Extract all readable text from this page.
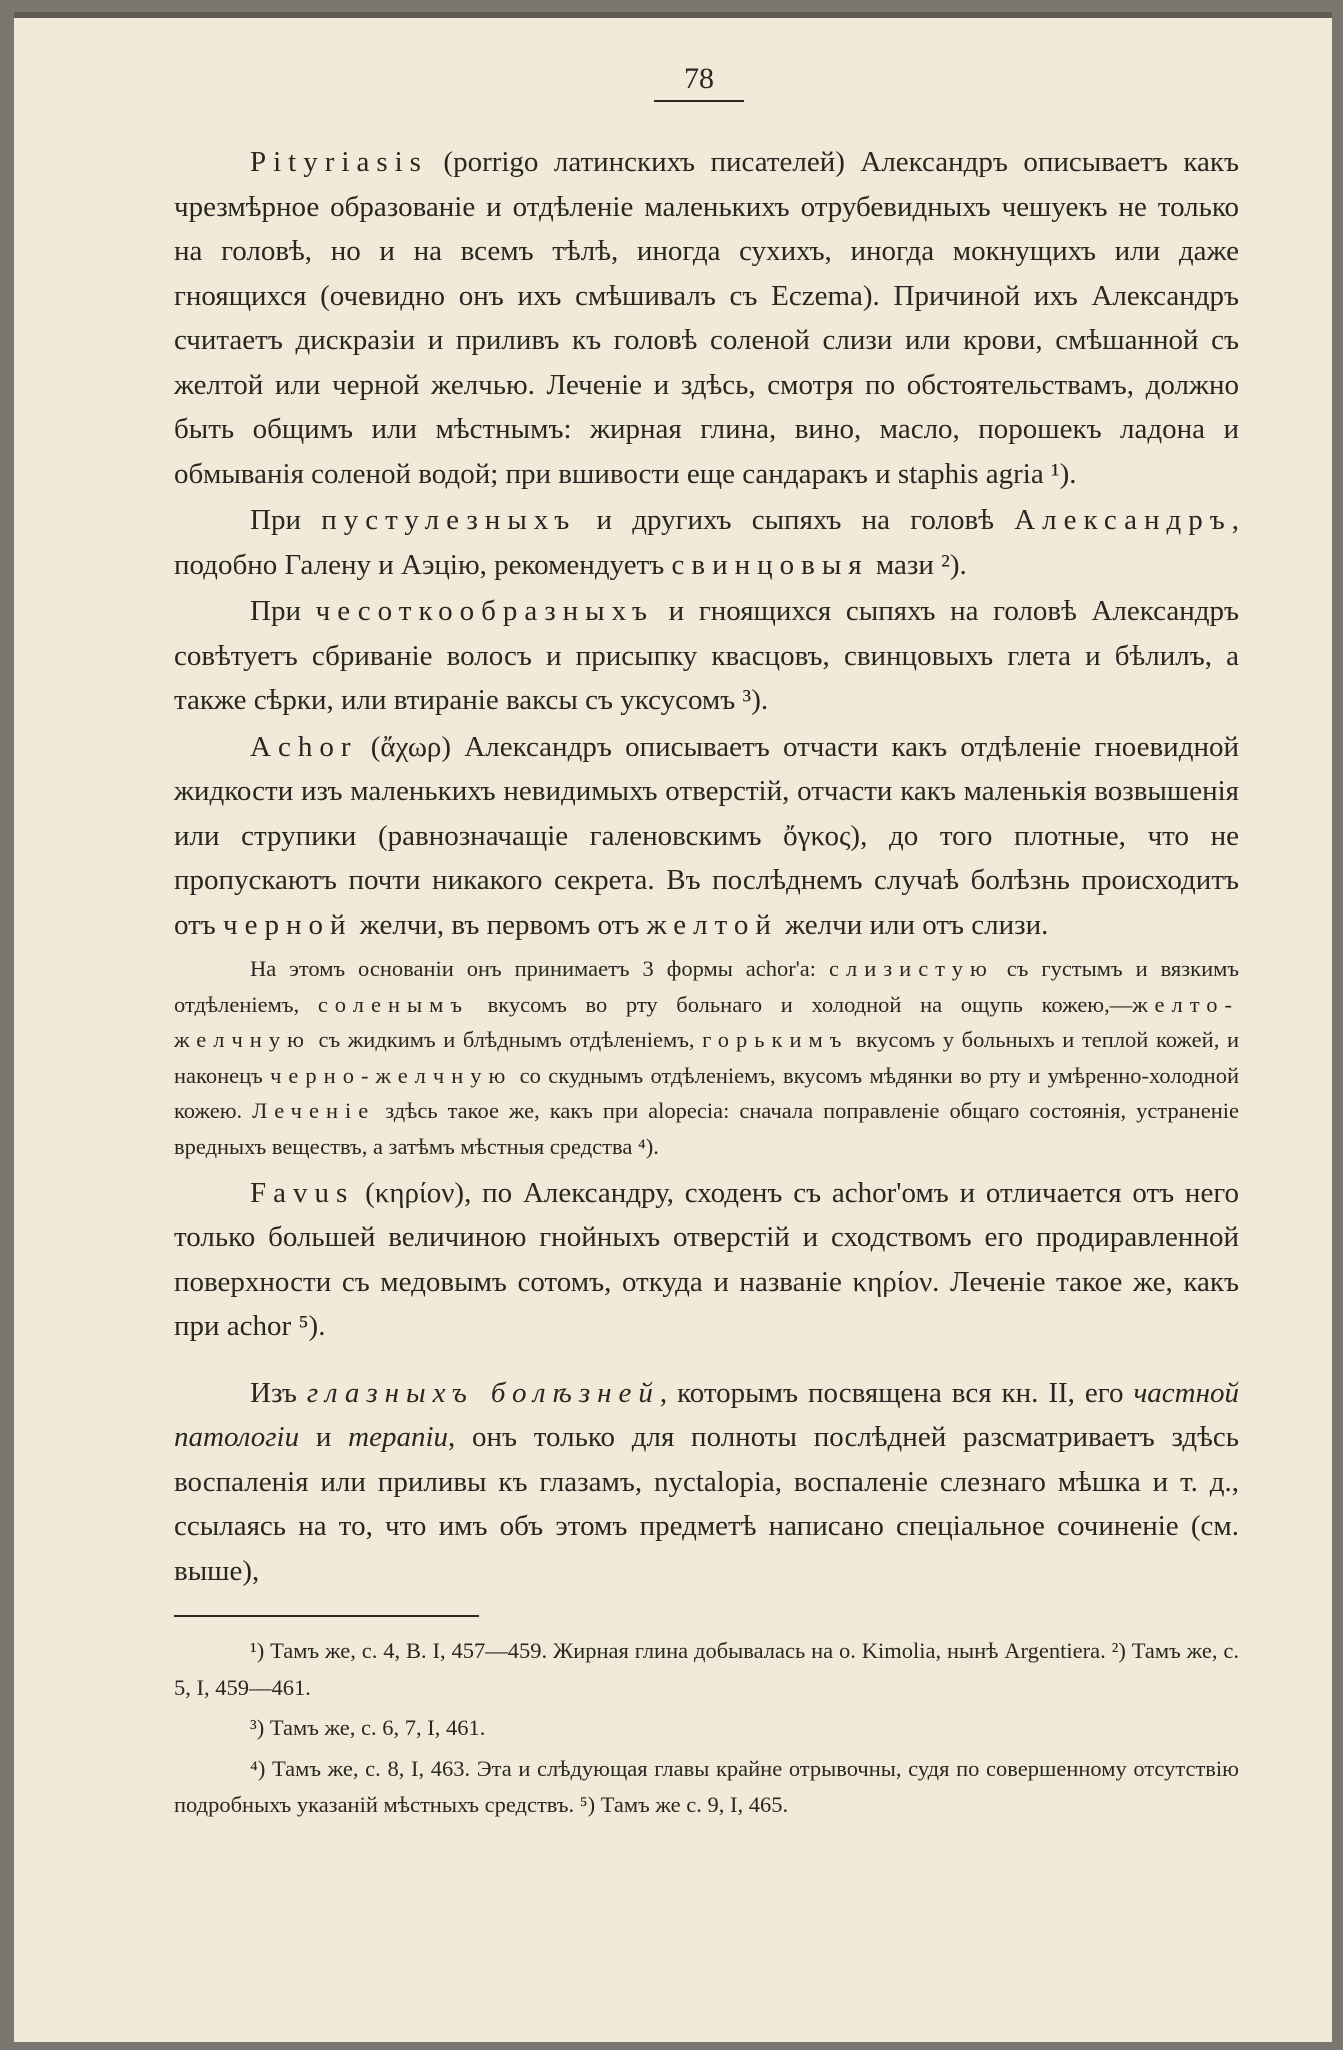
78

Pityriasis (porrigo латинскихъ писателей) Александръ описываетъ какъ чрезмѣрное образованіе и отдѣленіе маленькихъ отрубевидныхъ чешуекъ не только на головѣ, но и на всемъ тѣлѣ, иногда сухихъ, иногда мокнущихъ или даже гноящихся (очевидно онъ ихъ смѣшивалъ съ Eczema). Причиной ихъ Александръ считаетъ дискразіи и приливъ къ головѣ соленой слизи или крови, смѣшанной съ желтой или черной желчью. Леченіе и здѣсь, смотря по обстоятельствамъ, должно быть общимъ или мѣстнымъ: жирная глина, вино, масло, порошекъ ладона и обмыванія соленой водой; при вшивости еще сандаракъ и staphis agria ¹).

При пустулезныхъ и другихъ сыпяхъ на головѣ Александръ, подобно Галену и Аэцію, рекомендуетъ свинцовыя мази ²).

При чесоткообразныхъ и гноящихся сыпяхъ на головѣ Александръ совѣтуетъ сбриваніе волосъ и присыпку квасцовъ, свинцовыхъ глета и бѣлилъ, а также сѣрки, или втираніе ваксы съ уксусомъ ³).

Achor (ἄχωρ) Александръ описываетъ отчасти какъ отдѣленіе гноевидной жидкости изъ маленькихъ невидимыхъ отверстій, отчасти какъ маленькія возвышенія или струпики (равнозначащіе галеновскимъ ὄγκος), до того плотные, что не пропускаютъ почти никакого секрета. Въ послѣднемъ случаѣ болѣзнь происходитъ отъ черной желчи, въ первомъ отъ желтой желчи или отъ слизи.

На этомъ основаніи онъ принимаетъ 3 формы achor'a: слизистую съ густымъ и вязкимъ отдѣленіемъ, соленымъ вкусомъ во рту больнаго и холодной на ощупь кожею,—желто-желчную съ жидкимъ и блѣднымъ отдѣленіемъ, горькимъ вкусомъ у больныхъ и теплой кожей, и наконецъ черно-желчную со скуднымъ отдѣленіемъ, вкусомъ мѣдянки во рту и умѣренно-холодной кожею. Леченіе здѣсь такое же, какъ при alopecia: сначала поправленіе общаго состоянія, устраненіе вредныхъ веществъ, а затѣмъ мѣстныя средства ⁴).

Favus (κηρίον), по Александру, сходенъ съ achor'омъ и отличается отъ него только большей величиною гнойныхъ отверстій и сходствомъ его продиравленной поверхности съ медовымъ сотомъ, откуда и названіе κηρίον. Леченіе такое же, какъ при achor ⁵).

Изъ глазныхъ болѣзней, которымъ посвящена вся кн. II, его частной патологіи и терапіи, онъ только для полноты послѣдней разсматриваетъ здѣсь воспаленія или приливы къ глазамъ, nyctalopia, воспаленіе слезнаго мѣшка и т. д., ссылаясь на то, что имъ объ этомъ предметѣ написано спеціальное сочиненіе (см. выше),

¹) Тамъ же, с. 4, B. I, 457—459. Жирная глина добывалась на о. Kimolia, нынѣ Argentiera. ²) Тамъ же, с. 5, I, 459—461.
³) Тамъ же, с. 6, 7, I, 461.
⁴) Тамъ же, с. 8, I, 463. Эта и слѣдующая главы крайне отрывочны, судя по совершенному отсутствію подробныхъ указаній мѣстныхъ средствъ. ⁵) Тамъ же с. 9, I, 465.
